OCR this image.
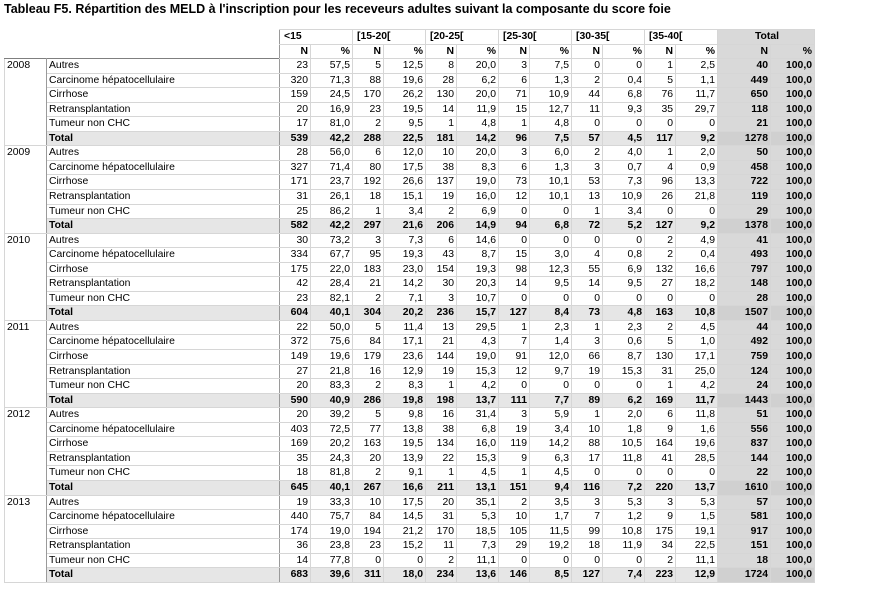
Tableau F5. Répartition des MELD à l'inscription pour les receveurs adultes suivant la composante du score foie
		<15		[15-20[		[20-25[		[25-30[		[30-35[		[35-40[		Total	
		N	%	N	%	N	%	N	%	N	%	N	%	N	%
2008	Autres	23	57,5	5	12,5	8	20,0	3	7,5	0	0	1	2,5	40	100,0
	Carcinome hépatocellulaire	320	71,3	88	19,6	28	6,2	6	1,3	2	0,4	5	1,1	449	100,0
	Cirrhose	159	24,5	170	26,2	130	20,0	71	10,9	44	6,8	76	11,7	650	100,0
	Retransplantation	20	16,9	23	19,5	14	11,9	15	12,7	11	9,3	35	29,7	118	100,0
	Tumeur non CHC	17	81,0	2	9,5	1	4,8	1	4,8	0	0	0	0	21	100,0
	Total	539	42,2	288	22,5	181	14,2	96	7,5	57	4,5	117	9,2	1278	100,0
2009	Autres	28	56,0	6	12,0	10	20,0	3	6,0	2	4,0	1	2,0	50	100,0
	Carcinome hépatocellulaire	327	71,4	80	17,5	38	8,3	6	1,3	3	0,7	4	0,9	458	100,0
	Cirrhose	171	23,7	192	26,6	137	19,0	73	10,1	53	7,3	96	13,3	722	100,0
	Retransplantation	31	26,1	18	15,1	19	16,0	12	10,1	13	10,9	26	21,8	119	100,0
	Tumeur non CHC	25	86,2	1	3,4	2	6,9	0	0	1	3,4	0	0	29	100,0
	Total	582	42,2	297	21,6	206	14,9	94	6,8	72	5,2	127	9,2	1378	100,0
2010	Autres	30	73,2	3	7,3	6	14,6	0	0	0	0	2	4,9	41	100,0
	Carcinome hépatocellulaire	334	67,7	95	19,3	43	8,7	15	3,0	4	0,8	2	0,4	493	100,0
	Cirrhose	175	22,0	183	23,0	154	19,3	98	12,3	55	6,9	132	16,6	797	100,0
	Retransplantation	42	28,4	21	14,2	30	20,3	14	9,5	14	9,5	27	18,2	148	100,0
	Tumeur non CHC	23	82,1	2	7,1	3	10,7	0	0	0	0	0	0	28	100,0
	Total	604	40,1	304	20,2	236	15,7	127	8,4	73	4,8	163	10,8	1507	100,0
2011	Autres	22	50,0	5	11,4	13	29,5	1	2,3	1	2,3	2	4,5	44	100,0
	Carcinome hépatocellulaire	372	75,6	84	17,1	21	4,3	7	1,4	3	0,6	5	1,0	492	100,0
	Cirrhose	149	19,6	179	23,6	144	19,0	91	12,0	66	8,7	130	17,1	759	100,0
	Retransplantation	27	21,8	16	12,9	19	15,3	12	9,7	19	15,3	31	25,0	124	100,0
	Tumeur non CHC	20	83,3	2	8,3	1	4,2	0	0	0	0	1	4,2	24	100,0
	Total	590	40,9	286	19,8	198	13,7	111	7,7	89	6,2	169	11,7	1443	100,0
2012	Autres	20	39,2	5	9,8	16	31,4	3	5,9	1	2,0	6	11,8	51	100,0
	Carcinome hépatocellulaire	403	72,5	77	13,8	38	6,8	19	3,4	10	1,8	9	1,6	556	100,0
	Cirrhose	169	20,2	163	19,5	134	16,0	119	14,2	88	10,5	164	19,6	837	100,0
	Retransplantation	35	24,3	20	13,9	22	15,3	9	6,3	17	11,8	41	28,5	144	100,0
	Tumeur non CHC	18	81,8	2	9,1	1	4,5	1	4,5	0	0	0	0	22	100,0
	Total	645	40,1	267	16,6	211	13,1	151	9,4	116	7,2	220	13,7	1610	100,0
2013	Autres	19	33,3	10	17,5	20	35,1	2	3,5	3	5,3	3	5,3	57	100,0
	Carcinome hépatocellulaire	440	75,7	84	14,5	31	5,3	10	1,7	7	1,2	9	1,5	581	100,0
	Cirrhose	174	19,0	194	21,2	170	18,5	105	11,5	99	10,8	175	19,1	917	100,0
	Retransplantation	36	23,8	23	15,2	11	7,3	29	19,2	18	11,9	34	22,5	151	100,0
	Tumeur non CHC	14	77,8	0	0	2	11,1	0	0	0	0	2	11,1	18	100,0
	Total	683	39,6	311	18,0	234	13,6	146	8,5	127	7,4	223	12,9	1724	100,0
